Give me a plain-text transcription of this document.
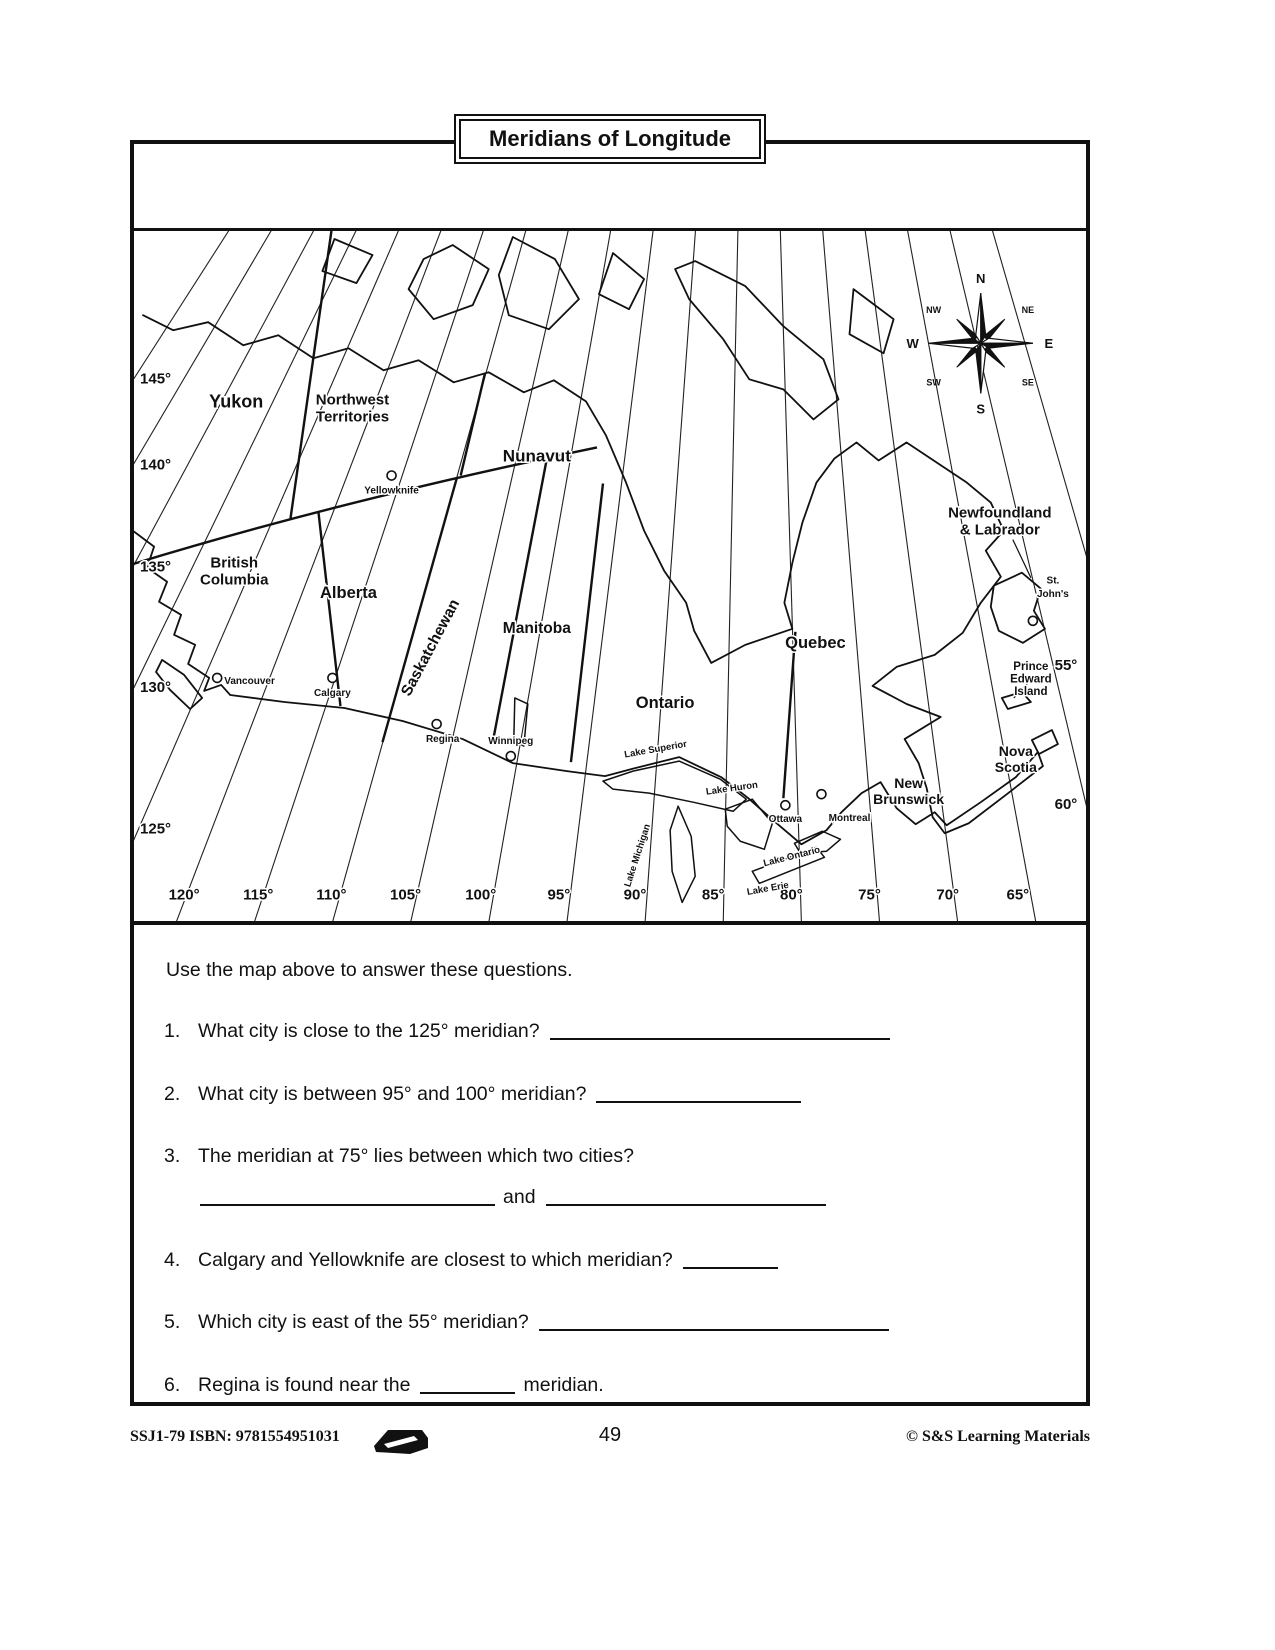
Meridians of Longitude
145°
140°
135°
130°
125°
120°	115°	110°	105°	100°	95°	90°	85°	80°	75°	70°	65°
60°
55°
Yukon	Northwest Territories
Nunavut
British Columbia
Alberta
Saskatchewan	Manitoba
Ontario
Quebec
Newfoundland & Labrador
New Brunswick
Nova Scotia
Prince Edward Island
Lake Superior
Lake Huron
Lake Michigan	Lake Ontario
Lake Erie
Yellowknife
Vancouver
Calgary
Regina	Winnipeg
Ottawa	Montreal
St. John's
N
S
E
W
NE
SE
SW
NW
Use the map above to answer these questions.
1. What city is close to the 125° meridian?
2. What city is between 95° and 100° meridian?
3. The meridian at 75° lies between which two cities?
and
4. Calgary and Yellowknife are closest to which meridian?
5. Which city is east of the 55° meridian?
6. Regina is found near the	meridian.
SSJ1-79 ISBN: 9781554951031	49	© S&S Learning Materials
